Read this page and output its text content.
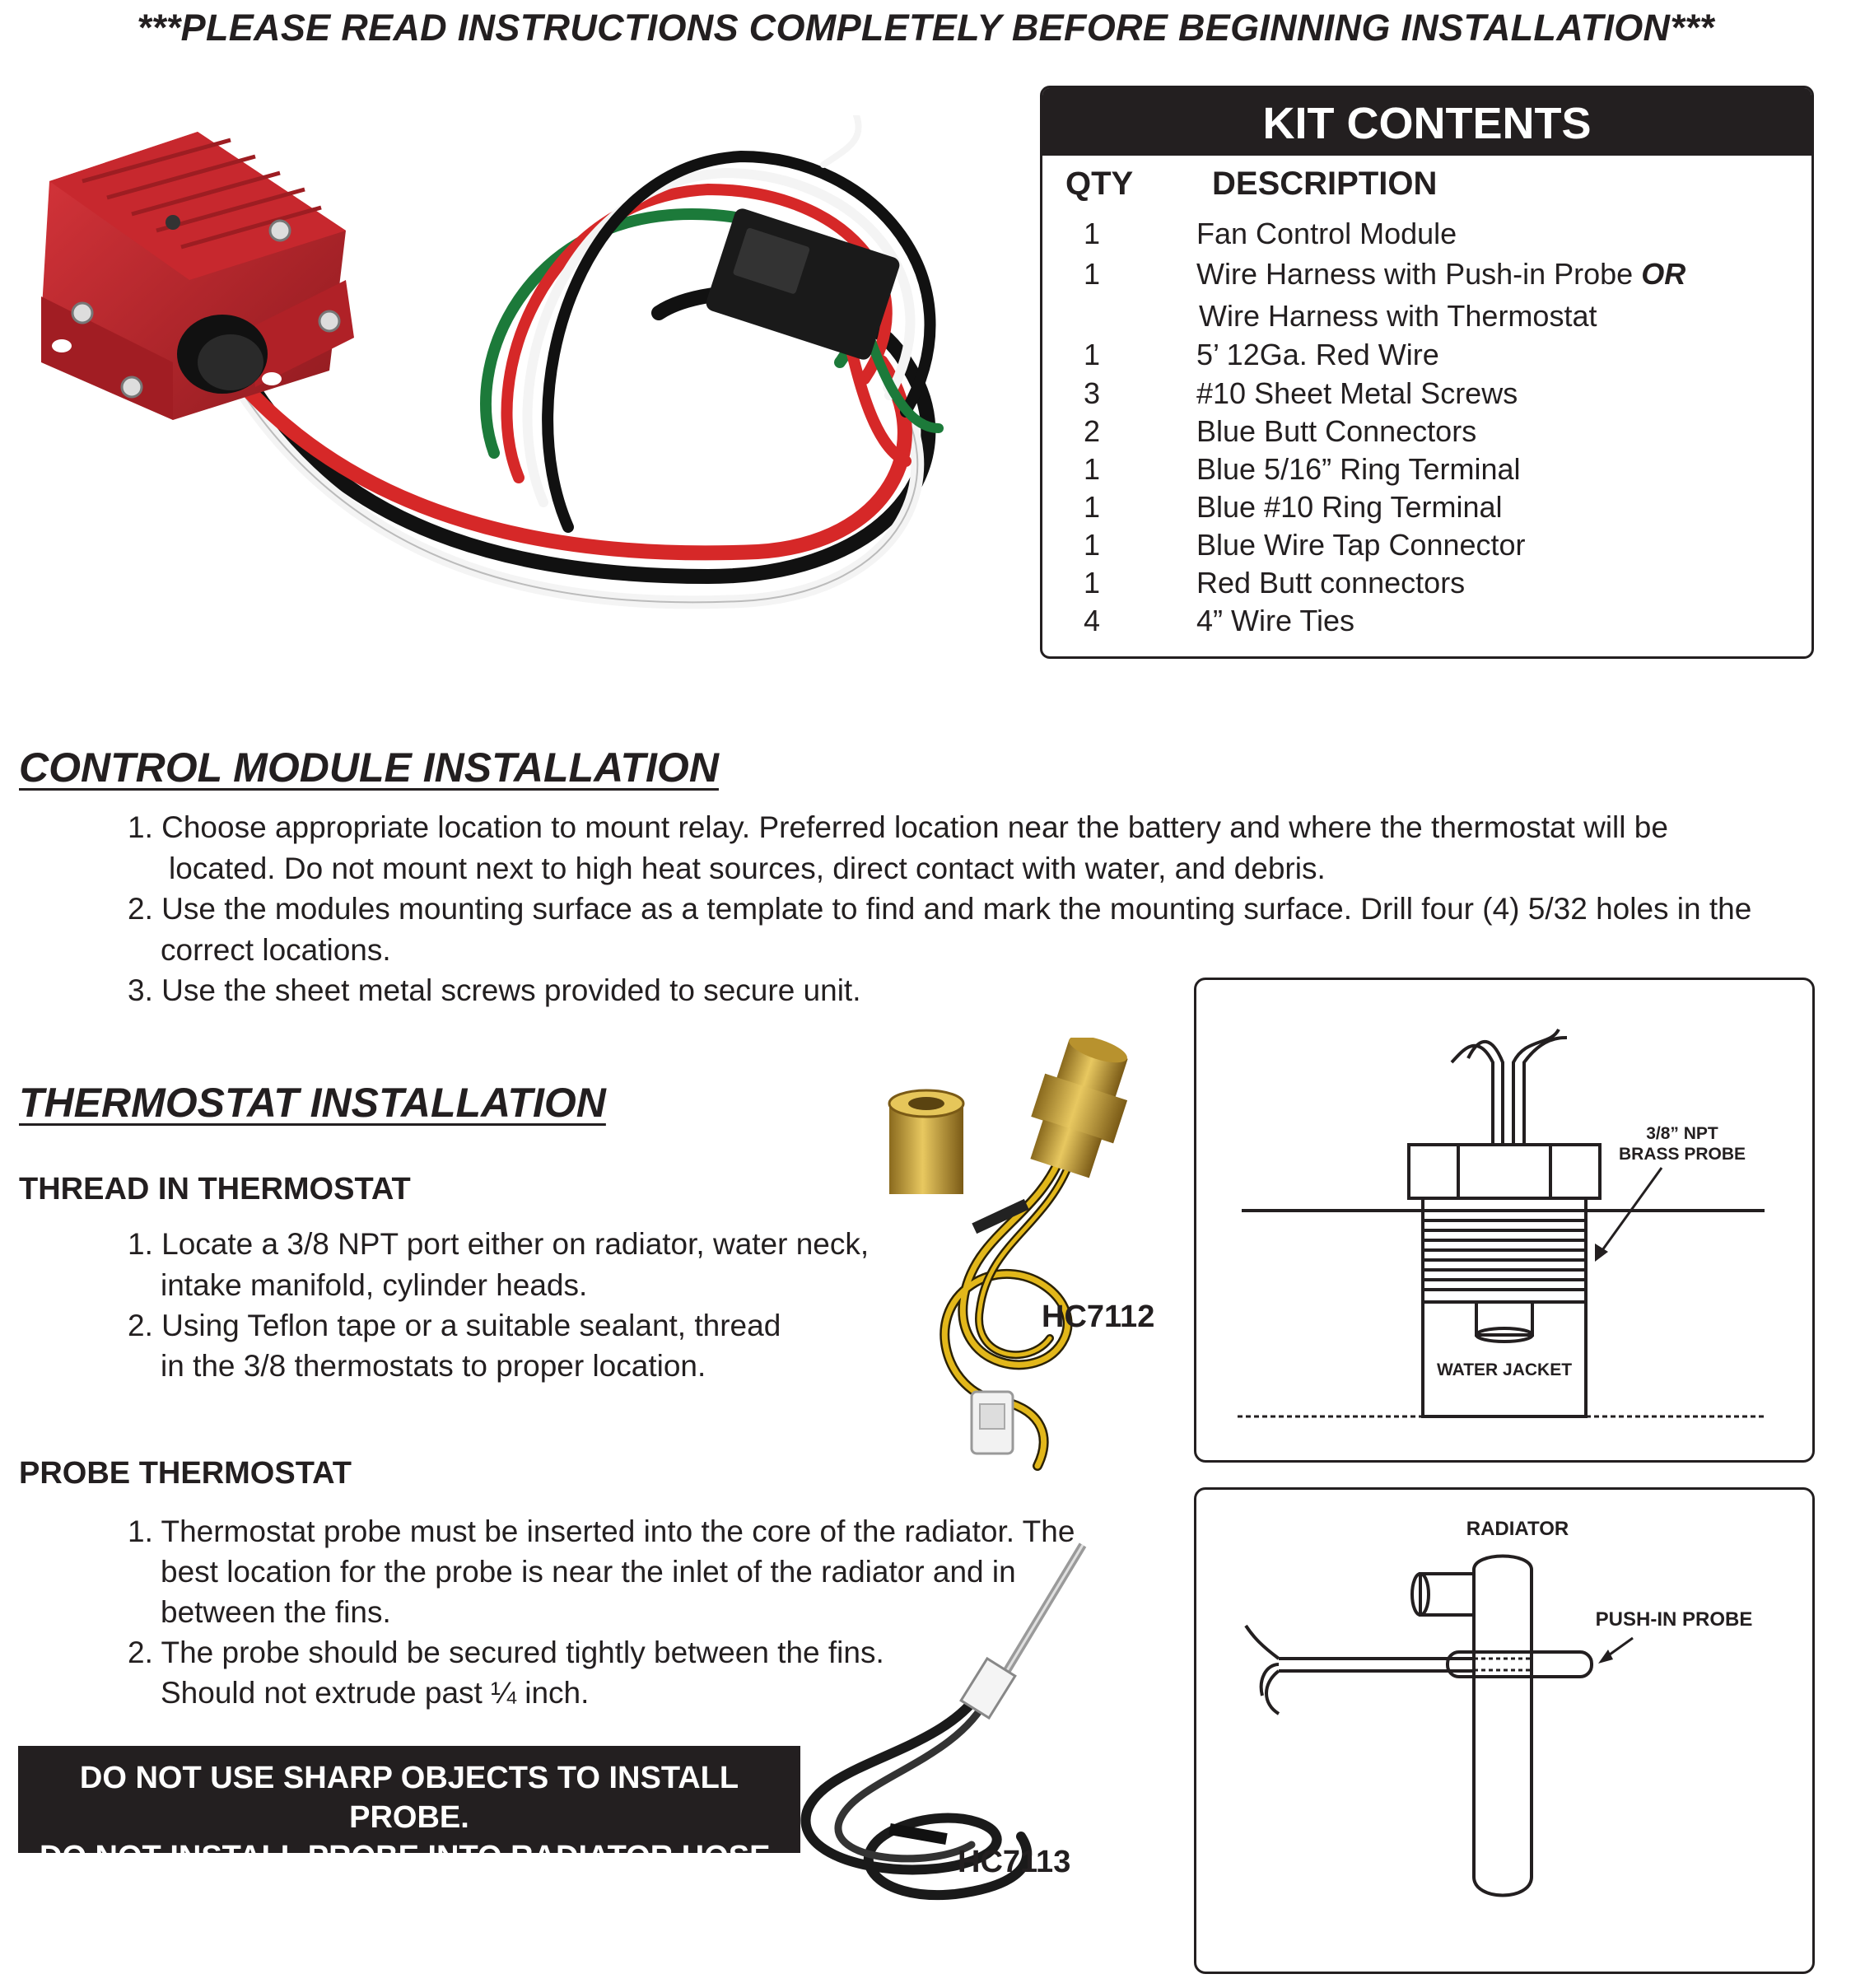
***PLEASE READ INSTRUCTIONS COMPLETELY BEFORE BEGINNING INSTALLATION***
KIT CONTENTS
QTY DESCRIPTION
1	Fan Control Module
1	Wire Harness with Push-in Probe OR
Wire Harness with Thermostat
1	5’ 12Ga. Red Wire
3	#10 Sheet Metal Screws
2	Blue Butt Connectors
1	Blue 5/16” Ring Terminal
1	Blue #10 Ring Terminal
1	Blue Wire Tap Connector
1	Red Butt connectors
4	4” Wire Ties
CONTROL MODULE INSTALLATION
1. Choose appropriate location to mount relay. Preferred location near the battery and where the thermostat will be
located. Do not mount next to high heat sources, direct contact with water, and debris.
2. Use the modules mounting surface as a template to find and mark the mounting surface. Drill four (4) 5/32 holes in the
correct locations.
3. Use the sheet metal screws provided to secure unit.
THERMOSTAT INSTALLATION
THREAD IN THERMOSTAT
1. Locate a 3/8 NPT port either on radiator, water neck,
intake manifold, cylinder heads.
2. Using Teflon tape or a suitable sealant, thread
in the 3/8 thermostats to proper location.
PROBE THERMOSTAT
1. Thermostat probe must be inserted into the core of the radiator. The
best location for the probe is near the inlet of the radiator and in
between the fins.
2. The probe should be secured tightly between the fins.
Should not extrude past ¼ inch.
DO NOT USE SHARP OBJECTS TO INSTALL PROBE.
DO NOT INSTALL PROBE INTO RADIATOR HOSE.
HC7112
HC7113
3/8” NPT
BRASS PROBE
WATER JACKET
RADIATOR
PUSH-IN PROBE
